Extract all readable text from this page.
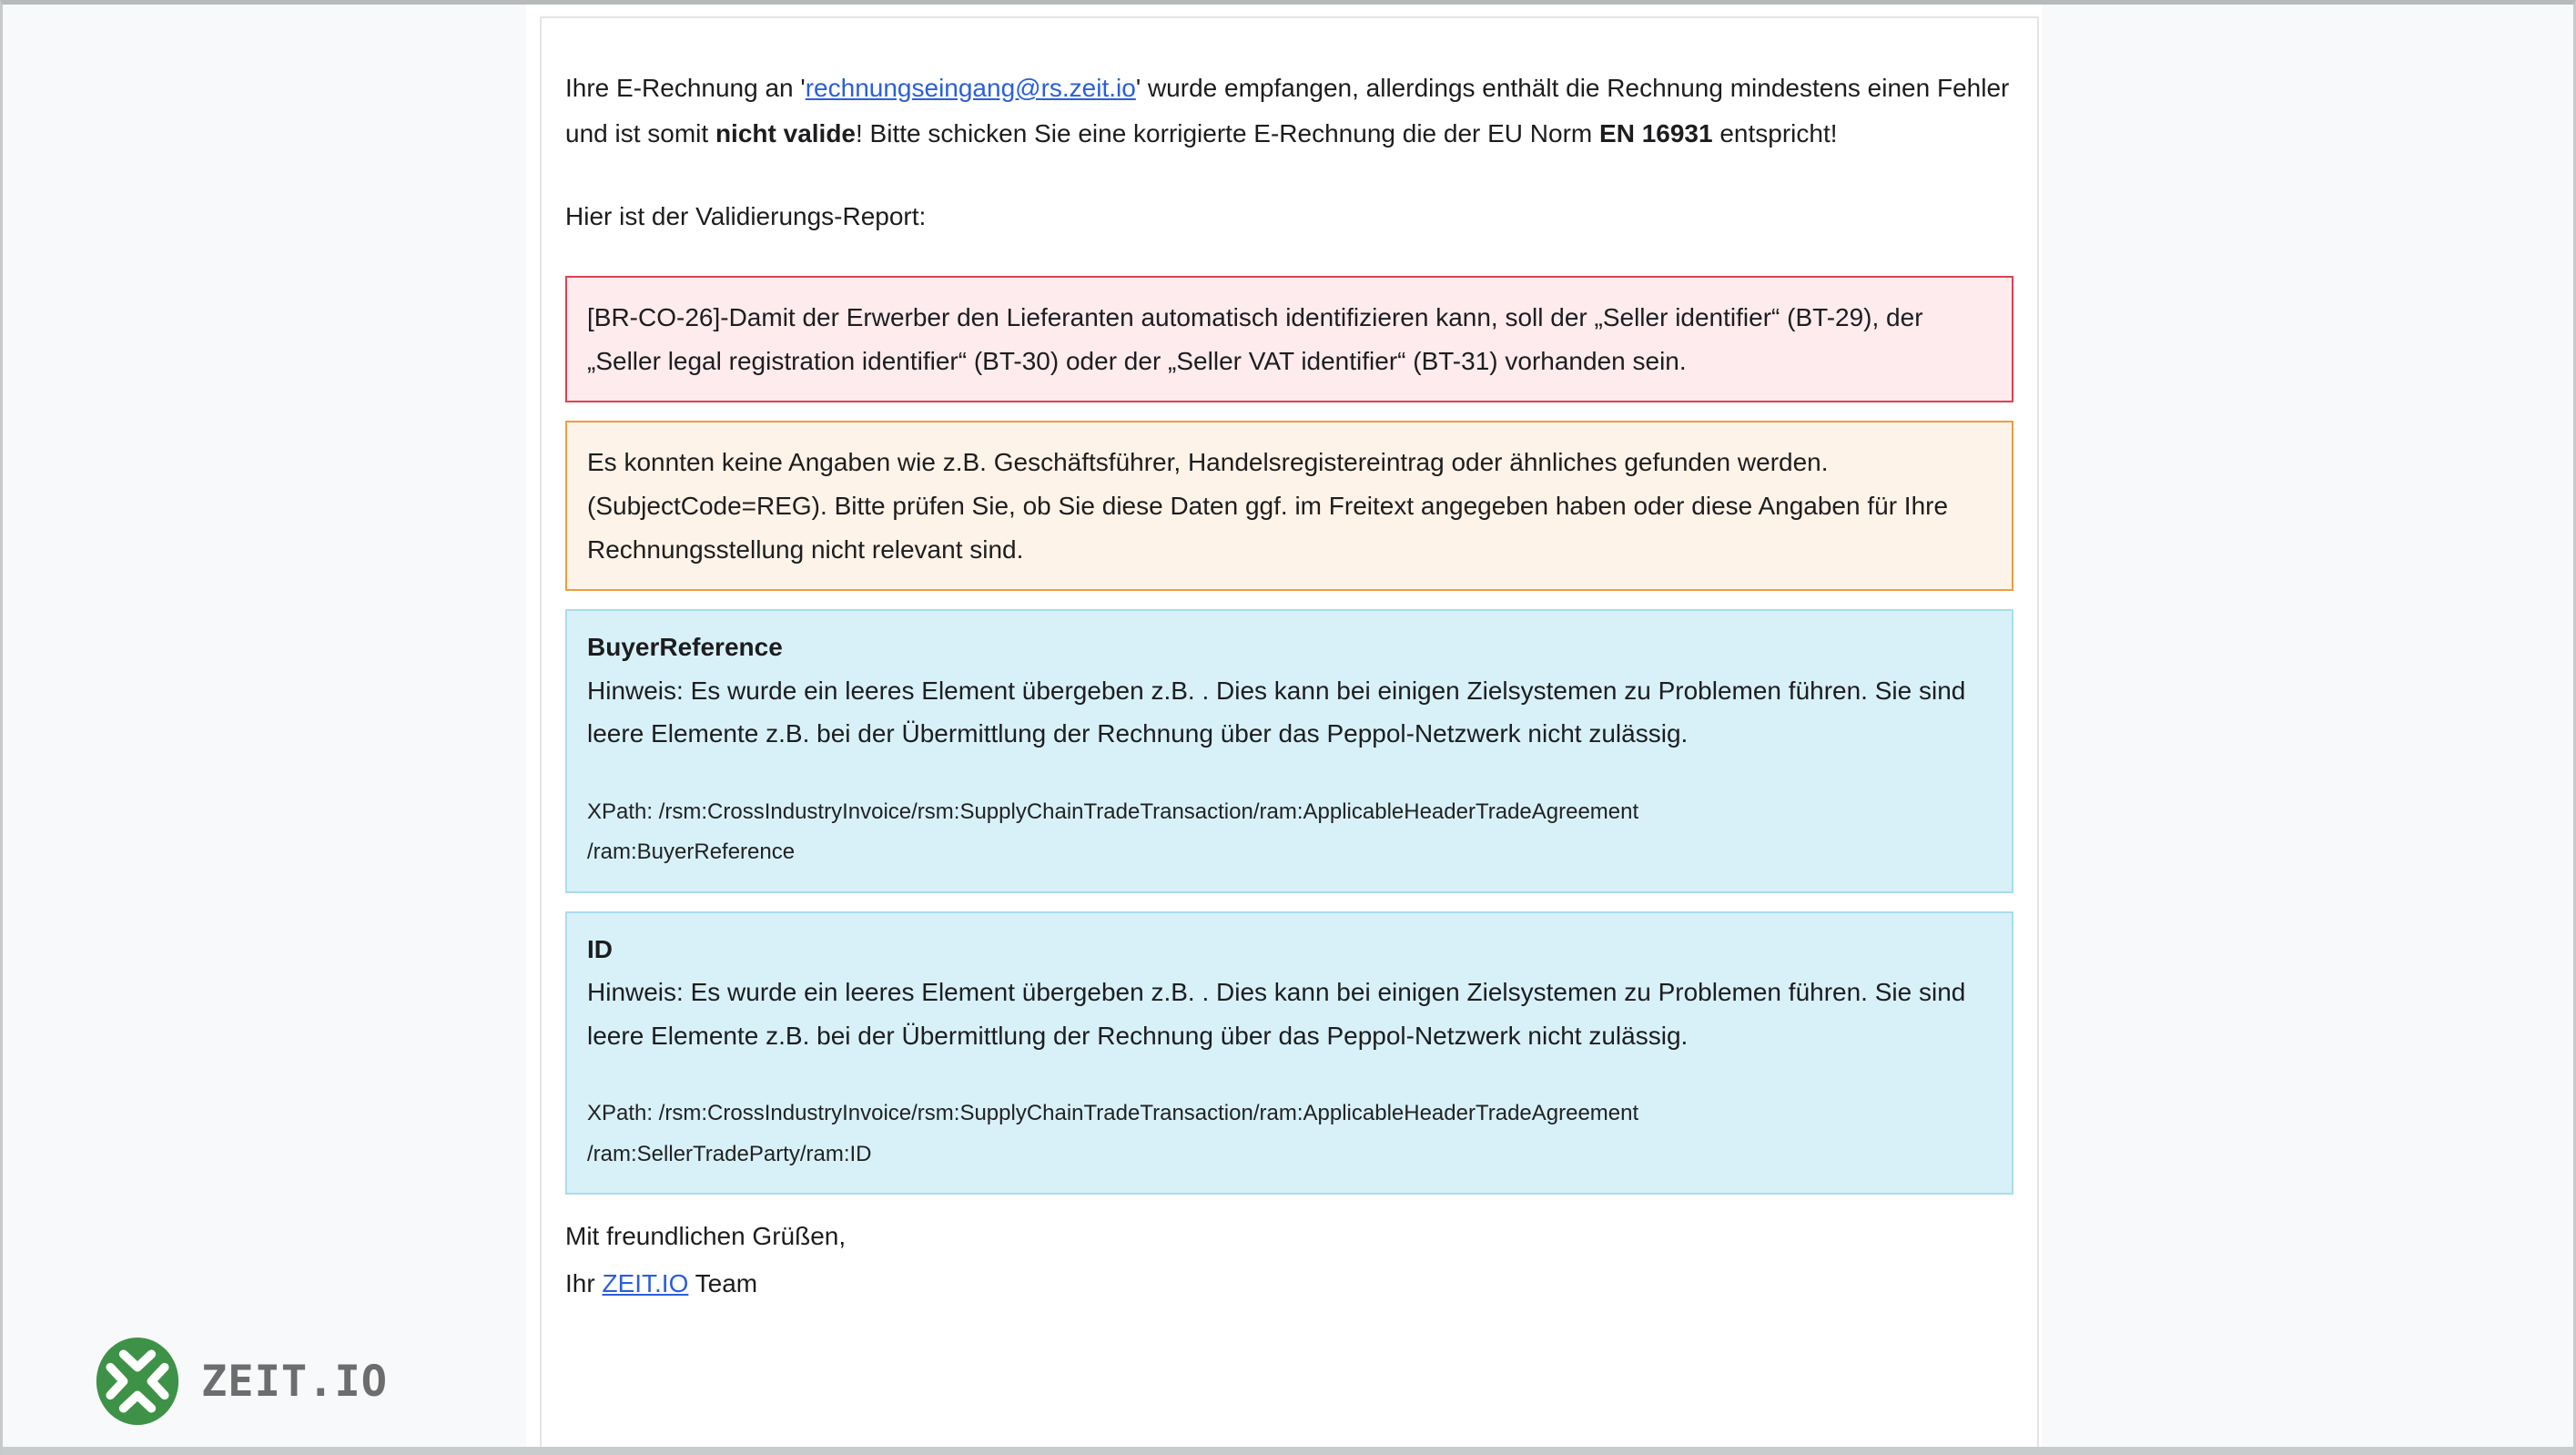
Ihre E-Rechnung an 'rechnungseingang@rs.zeit.io' wurde empfangen, allerdings enthält die Rechnung mindestens einen Fehler und ist somit nicht valide! Bitte schicken Sie eine korrigierte E-Rechnung die der EU Norm EN 16931 entspricht!

Hier ist der Validierungs-Report:

[BR-CO-26]-Damit der Erwerber den Lieferanten automatisch identifizieren kann, soll der „Seller identifier“ (BT-29), der „Seller legal registration identifier“ (BT-30) oder der „Seller VAT identifier“ (BT-31) vorhanden sein.
Es konnten keine Angaben wie z.B. Geschäftsführer, Handelsregistereintrag oder ähnliches gefunden werden. (SubjectCode=REG). Bitte prüfen Sie, ob Sie diese Daten ggf. im Freitext angegeben haben oder diese Angaben für Ihre Rechnungsstellung nicht relevant sind.
BuyerReference

Hinweis: Es wurde ein leeres Element übergeben z.B. . Dies kann bei einigen Zielsystemen zu Problemen führen. Sie sind leere Elemente z.B. bei der Übermittlung der Rechnung über das Peppol-Netzwerk nicht zulässig.

XPath: /rsm:CrossIndustryInvoice/rsm:SupplyChainTradeTransaction/ram:ApplicableHeaderTradeAgreement
/ram:BuyerReference
ID

Hinweis: Es wurde ein leeres Element übergeben z.B. . Dies kann bei einigen Zielsystemen zu Problemen führen. Sie sind leere Elemente z.B. bei der Übermittlung der Rechnung über das Peppol-Netzwerk nicht zulässig.

XPath: /rsm:CrossIndustryInvoice/rsm:SupplyChainTradeTransaction/ram:ApplicableHeaderTradeAgreement
/ram:SellerTradeParty/ram:ID

Mit freundlichen Grüßen,
Ihr ZEIT.IO Team

ZEIT.IO
